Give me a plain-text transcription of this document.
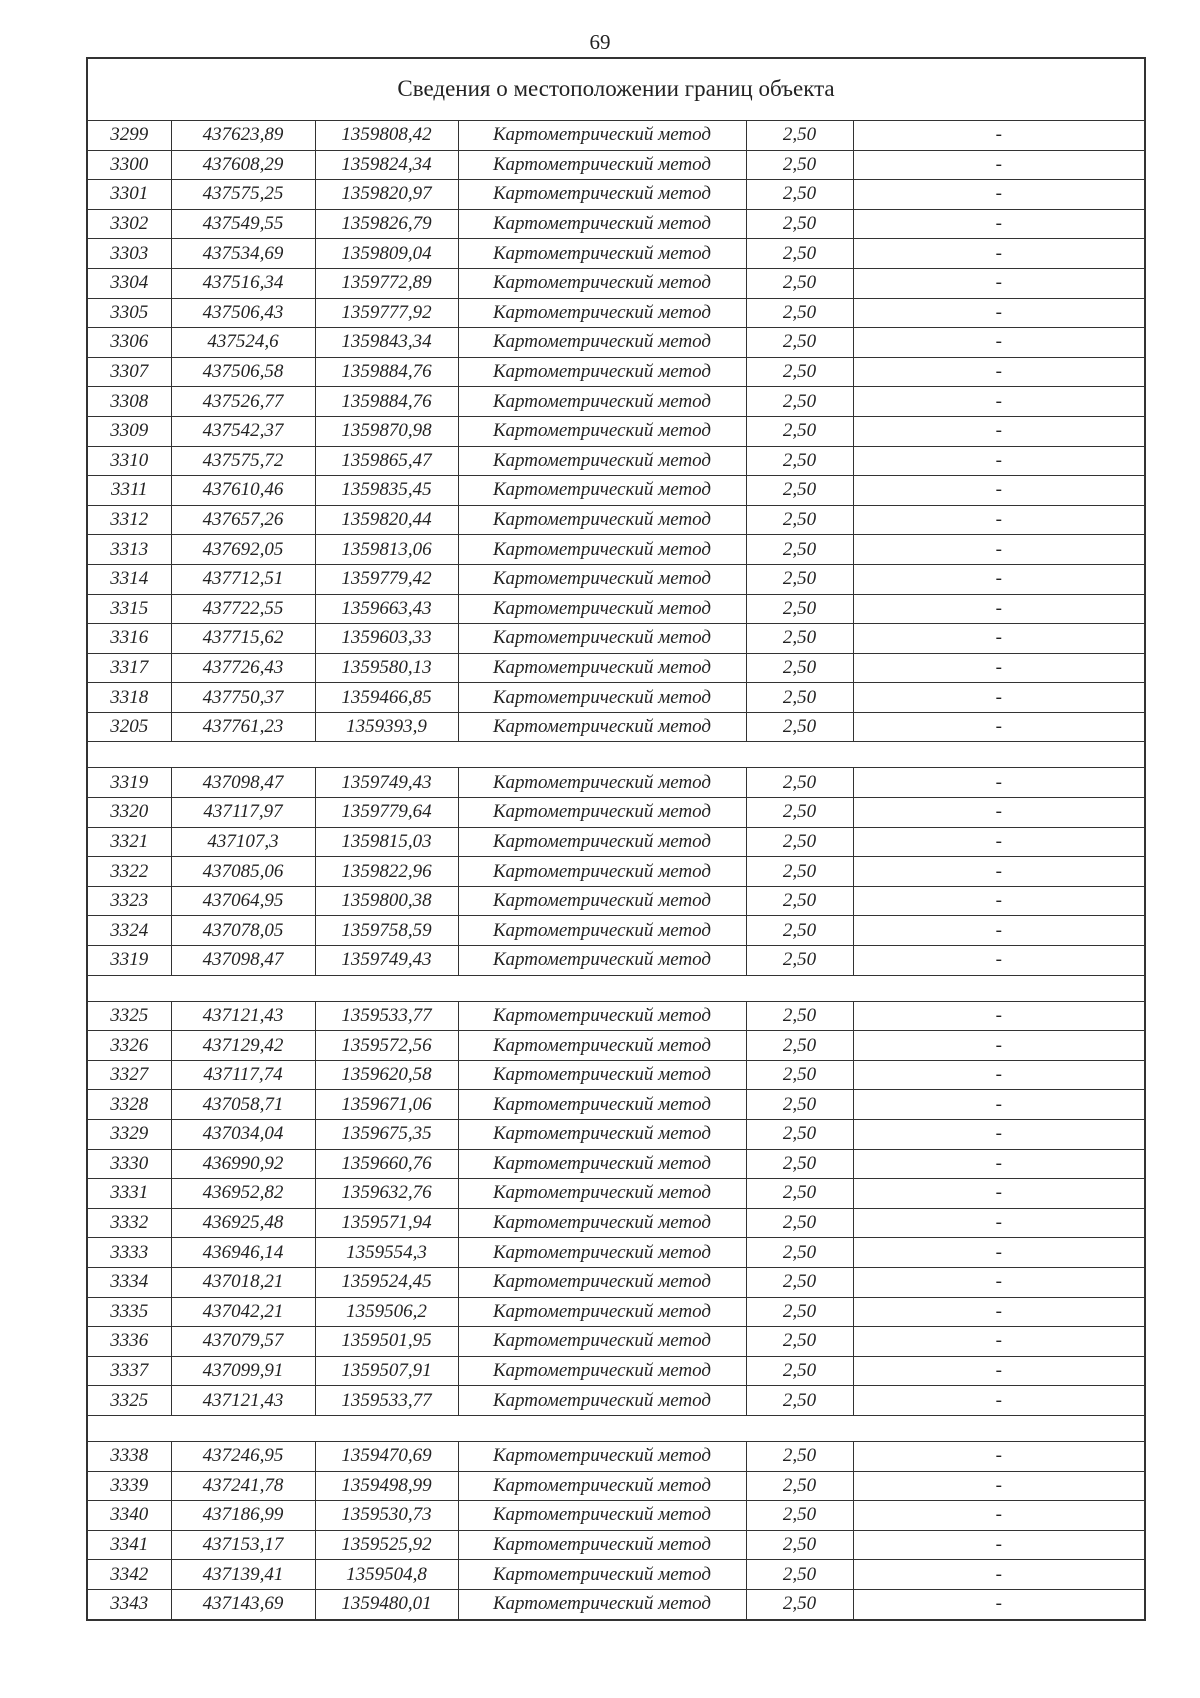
69
Сведения о местоположении границ объекта
3299	437623,89	1359808,42	Картометрический метод	2,50	-
3300	437608,29	1359824,34	Картометрический метод	2,50	-
3301	437575,25	1359820,97	Картометрический метод	2,50	-
3302	437549,55	1359826,79	Картометрический метод	2,50	-
3303	437534,69	1359809,04	Картометрический метод	2,50	-
3304	437516,34	1359772,89	Картометрический метод	2,50	-
3305	437506,43	1359777,92	Картометрический метод	2,50	-
3306	437524,6	1359843,34	Картометрический метод	2,50	-
3307	437506,58	1359884,76	Картометрический метод	2,50	-
3308	437526,77	1359884,76	Картометрический метод	2,50	-
3309	437542,37	1359870,98	Картометрический метод	2,50	-
3310	437575,72	1359865,47	Картометрический метод	2,50	-
3311	437610,46	1359835,45	Картометрический метод	2,50	-
3312	437657,26	1359820,44	Картометрический метод	2,50	-
3313	437692,05	1359813,06	Картометрический метод	2,50	-
3314	437712,51	1359779,42	Картометрический метод	2,50	-
3315	437722,55	1359663,43	Картометрический метод	2,50	-
3316	437715,62	1359603,33	Картометрический метод	2,50	-
3317	437726,43	1359580,13	Картометрический метод	2,50	-
3318	437750,37	1359466,85	Картометрический метод	2,50	-
3205	437761,23	1359393,9	Картометрический метод	2,50	-

3319	437098,47	1359749,43	Картометрический метод	2,50	-
3320	437117,97	1359779,64	Картометрический метод	2,50	-
3321	437107,3	1359815,03	Картометрический метод	2,50	-
3322	437085,06	1359822,96	Картометрический метод	2,50	-
3323	437064,95	1359800,38	Картометрический метод	2,50	-
3324	437078,05	1359758,59	Картометрический метод	2,50	-
3319	437098,47	1359749,43	Картометрический метод	2,50	-

3325	437121,43	1359533,77	Картометрический метод	2,50	-
3326	437129,42	1359572,56	Картометрический метод	2,50	-
3327	437117,74	1359620,58	Картометрический метод	2,50	-
3328	437058,71	1359671,06	Картометрический метод	2,50	-
3329	437034,04	1359675,35	Картометрический метод	2,50	-
3330	436990,92	1359660,76	Картометрический метод	2,50	-
3331	436952,82	1359632,76	Картометрический метод	2,50	-
3332	436925,48	1359571,94	Картометрический метод	2,50	-
3333	436946,14	1359554,3	Картометрический метод	2,50	-
3334	437018,21	1359524,45	Картометрический метод	2,50	-
3335	437042,21	1359506,2	Картометрический метод	2,50	-
3336	437079,57	1359501,95	Картометрический метод	2,50	-
3337	437099,91	1359507,91	Картометрический метод	2,50	-
3325	437121,43	1359533,77	Картометрический метод	2,50	-

3338	437246,95	1359470,69	Картометрический метод	2,50	-
3339	437241,78	1359498,99	Картометрический метод	2,50	-
3340	437186,99	1359530,73	Картометрический метод	2,50	-
3341	437153,17	1359525,92	Картометрический метод	2,50	-
3342	437139,41	1359504,8	Картометрический метод	2,50	-
3343	437143,69	1359480,01	Картометрический метод	2,50	-
